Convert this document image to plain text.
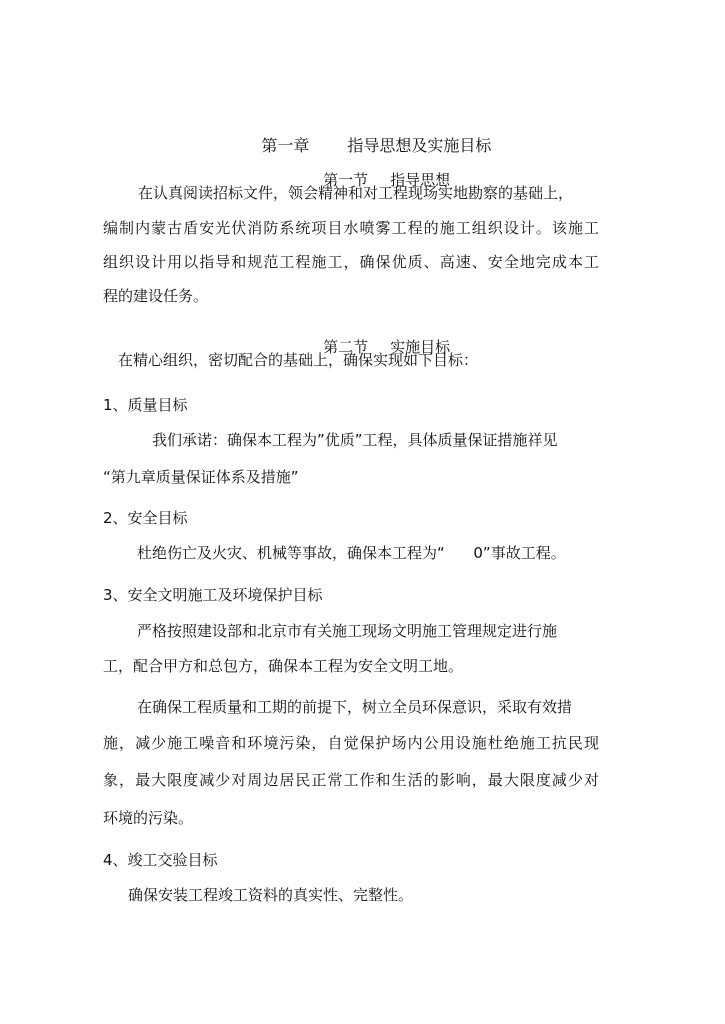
第一章 指导思想及实施目标

第一节 指导思想

在认真阅读招标文件，领会精神和对工程现场实地勘察的基础上，
编制内蒙古盾安光伏消防系统项目水喷雾工程的施工组织设计。该施工
组织设计用以指导和规范工程施工，确保优质、高速、安全地完成本工
程的建设任务。

第二节 实施目标

在精心组织，密切配合的基础上，确保实现如下目标：
1、质量目标
我们承诺：确保本工程为”优质”工程，具体质量保证措施祥见
“第九章质量保证体系及措施”
2、安全目标
杜绝伤亡及火灾、机械等事故，确保本工程为“      0”事故工程。
3、安全文明施工及环境保护目标
严格按照建设部和北京市有关施工现场文明施工管理规定进行施
工，配合甲方和总包方，确保本工程为安全文明工地。
在确保工程质量和工期的前提下，树立全员环保意识，采取有效措
施，减少施工噪音和环境污染，自觉保护场内公用设施杜绝施工抗民现
象，最大限度减少对周边居民正常工作和生活的影响，最大限度减少对
环境的污染。
4、竣工交验目标
确保安装工程竣工资料的真实性、完整性。
